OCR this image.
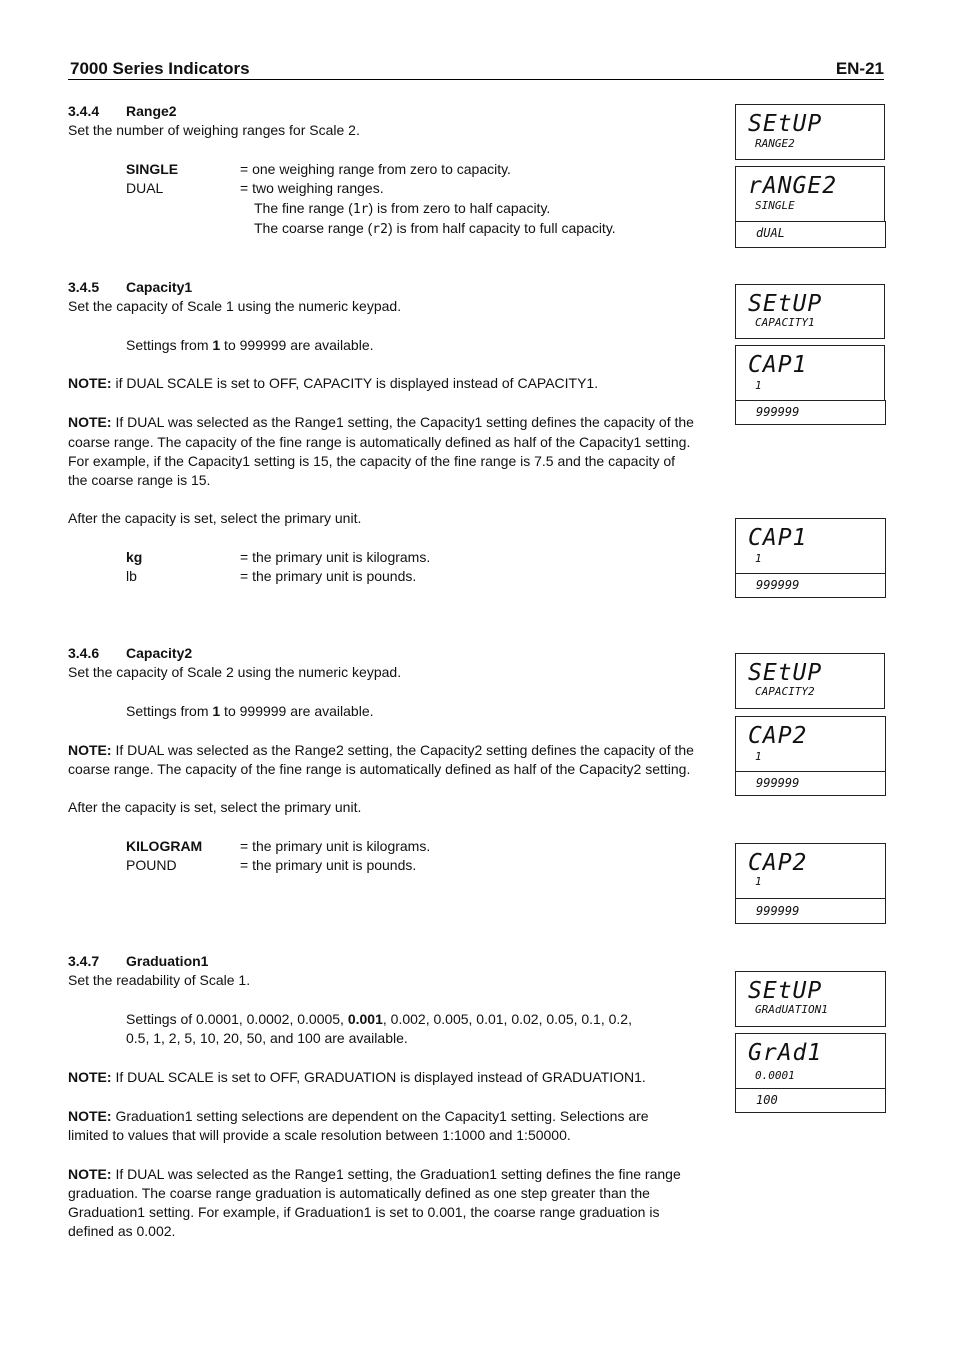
7000 Series Indicators	EN-21
3.4.4 Range2
Set the number of weighing ranges for Scale 2.
SINGLE	= one weighing range from zero to capacity.
DUAL	= two weighing ranges.
The fine range (1r) is from zero to half capacity.
The coarse range (r2) is from half capacity to full capacity.
3.4.5 Capacity1
Set the capacity of Scale 1 using the numeric keypad.
Settings from 1 to 999999 are available.
NOTE: if DUAL SCALE is set to OFF, CAPACITY is displayed instead of CAPACITY1.
NOTE: If DUAL was selected as the Range1 setting, the Capacity1 setting defines the capacity of the
coarse range. The capacity of the fine range is automatically defined as half of the Capacity1 setting.
For example, if the Capacity1 setting is 15, the capacity of the fine range is 7.5 and the capacity of
the coarse range is 15.
After the capacity is set, select the primary unit.
kg	= the primary unit is kilograms.
lb	= the primary unit is pounds.
3.4.6 Capacity2
Set the capacity of Scale 2 using the numeric keypad.
Settings from 1 to 999999 are available.
NOTE: If DUAL was selected as the Range2 setting, the Capacity2 setting defines the capacity of the
coarse range. The capacity of the fine range is automatically defined as half of the Capacity2 setting.
After the capacity is set, select the primary unit.
KILOGRAM	= the primary unit is kilograms.
POUND	= the primary unit is pounds.
3.4.7 Graduation1
Set the readability of Scale 1.
Settings of 0.0001, 0.0002, 0.0005, 0.001, 0.002, 0.005, 0.01, 0.02, 0.05, 0.1, 0.2,
0.5, 1, 2, 5, 10, 20, 50, and 100 are available.
NOTE: If DUAL SCALE is set to OFF, GRADUATION is displayed instead of GRADUATION1.
NOTE: Graduation1 setting selections are dependent on the Capacity1 setting. Selections are
limited to values that will provide a scale resolution between 1:1000 and 1:50000.
NOTE: If DUAL was selected as the Range1 setting, the Graduation1 setting defines the fine range
graduation. The coarse range graduation is automatically defined as one step greater than the
Graduation1 setting. For example, if Graduation1 is set to 0.001, the coarse range graduation is
defined as 0.002.
SEtUP
RANGE2
rANGE2
SINGLE
dUAL
SEtUP
CAPACITY1
CAP1
1
999999
CAP1
1
999999
SEtUP
CAPACITY2
CAP2
1
999999
CAP2
1
999999
SEtUP
GRAdUATION1
GrAd1
0.0001
100
